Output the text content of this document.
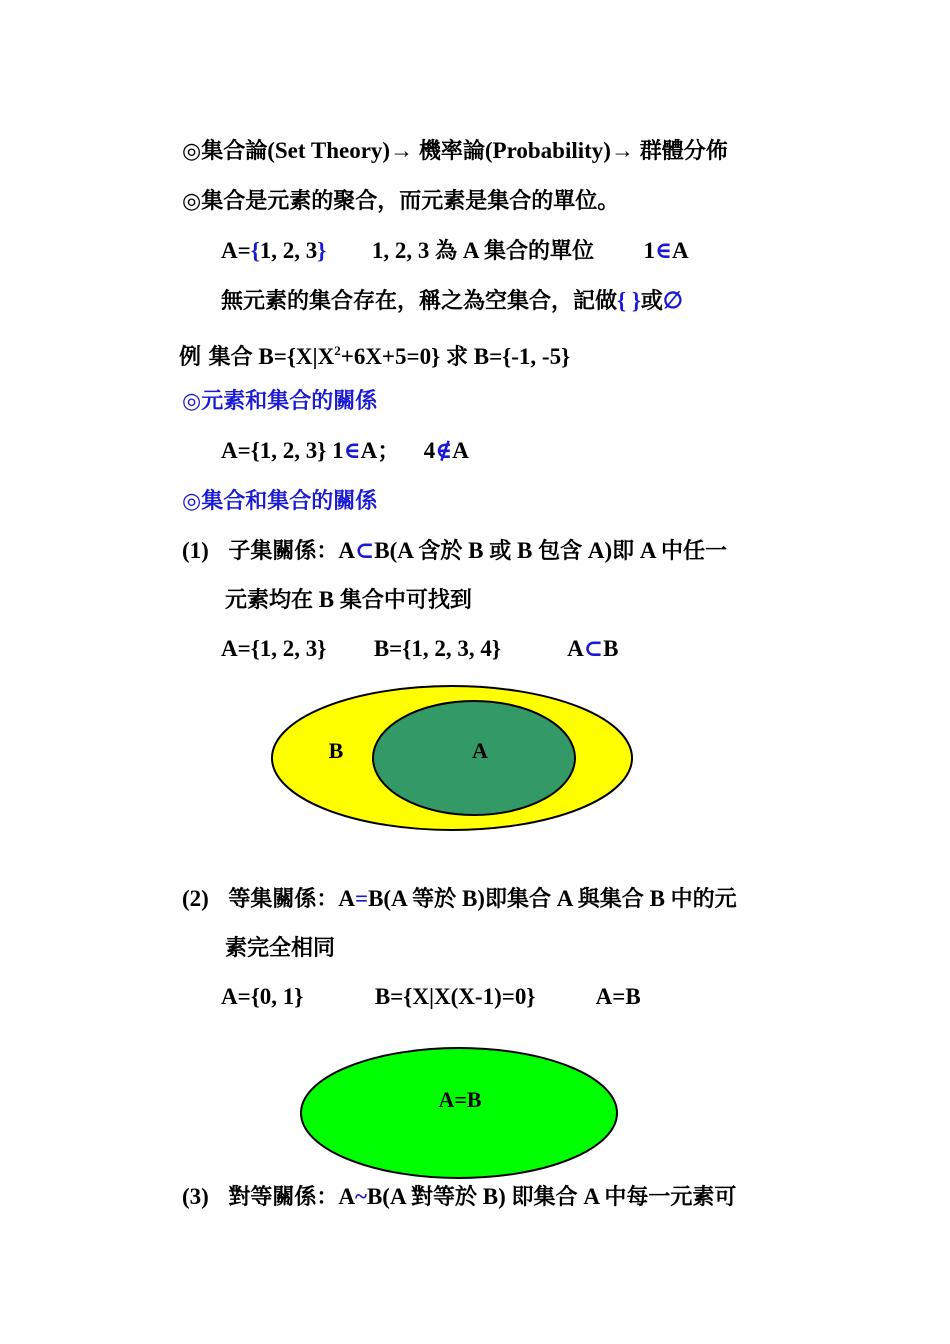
◎集合論(Set Theory)→ 機率論(Probability)→ 群體分佈
◎集合是元素的聚合，而元素是集合的單位。
A={1, 2, 3} 1, 2, 3 為 A 集合的單位 1∈A
無元素的集合存在，稱之為空集合，記做{ }或∅
例 集合 $B=\{X|X^2+6X+5=0\}$ 求 B={-1, -5}
◎元素和集合的關係
A={1, 2, 3} 1∈A； 4∉A
◎集合和集合的關係
(1) 子集關係：A⊂B(A 含於 B 或 B 包含 A)即 A 中任一
元素均在 B 集合中可找到
A={1, 2, 3} B={1, 2, 3, 4}	A⊂B
B	A
(2) 等集關係：A=B(A 等於 B)即集合 A 與集合 B 中的元
素完全相同
A={0, 1}	B={X|X(X-1)=0}	A=B
A=B
(3) 對等關係：A~B(A 對等於 B) 即集合 A 中每一元素可
